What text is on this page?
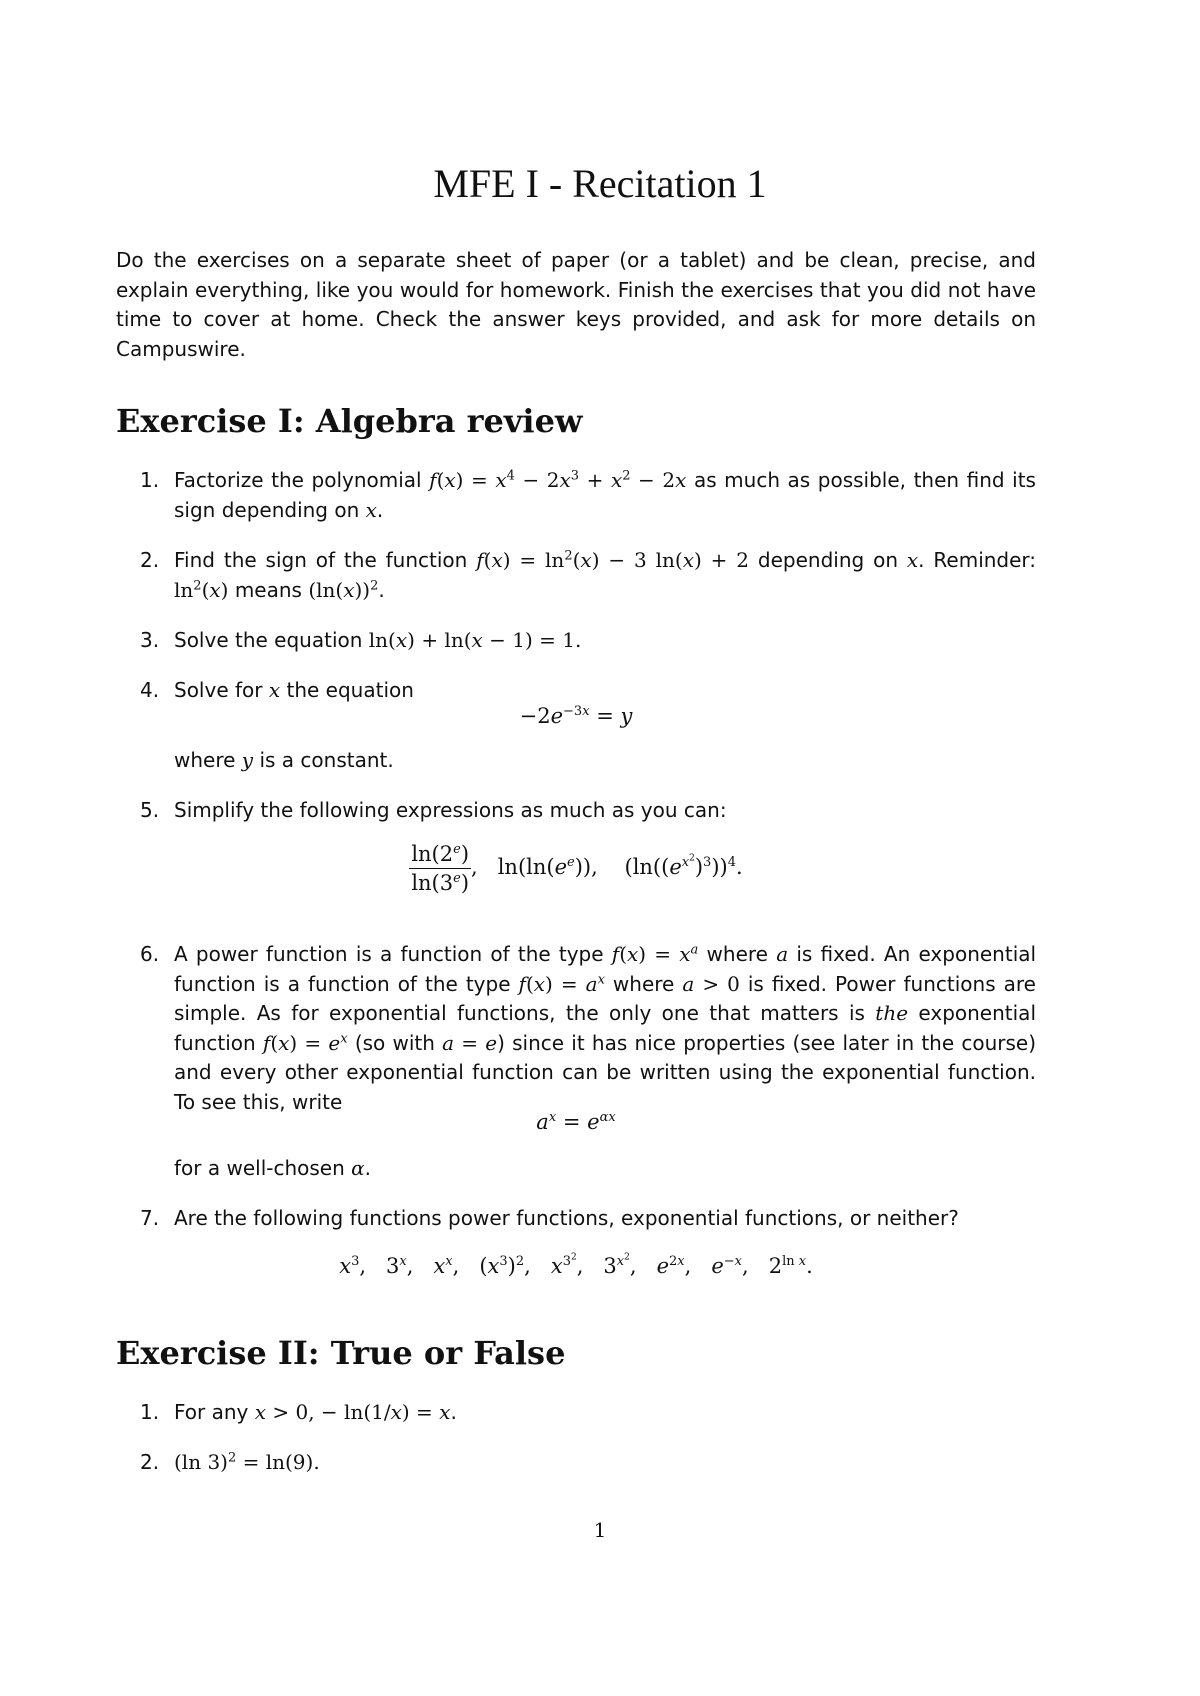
MFE I - Recitation 1

Do the exercises on a separate sheet of paper (or a tablet) and be clean, precise, and explain everything, like you would for homework. Finish the exercises that you did not have time to cover at home. Check the answer keys provided, and ask for more details on Campuswire.

Exercise I: Algebra review
1. Factorize the polynomial $f(x) = x^4 - 2x^3 + x^2 - 2x$ as much as possible, then find its sign depending on x.
2. Find the sign of the function $f(x) = \ln^2(x) - 3$ ln(x) + 2 depending on x. Reminder: $\ln^2(x)$ means $(\ln(x))^2$.
3. Solve the equation ln(x) + ln(x − 1) = 1.
4. Solve for x the equation
$-2e^{-3x} = y$
where y is a constant.
5. Simplify the following expressions as much as you can:
$\frac{\ln(2^e)}{\ln(3^e)}$ ,   $\ln(\ln(e^e))$,    $(\ln((e^{x^2})^3))^4$.
6. A power function is a function of the type $f(x) = x^a$ where a is fixed. An exponential function is a function of the type $f(x) = a^x$ where a > 0 is fixed. Power functions are simple. As for exponential functions, the only one that matters is the exponential function $f(x) = e^x$ (so with a = e) since it has nice properties (see later in the course) and every other exponential function can be written using the exponential function. To see this, write
$a^x = e^{\alpha x}$
for a well-chosen α.
7. Are the following functions power functions, exponential functions, or neither?
$x^3$,   3$^x$,   $x^x$,   $(x^3)^2$,   $x^{3^2}$,   $3^{x^2}$,   $e^{2x}$,   $e^{-x}$,   $2^{ln x}$.
Exercise II: True or False
1. For any x > 0, − ln(1/x) = x.
2. (ln 3)$^2$ = ln(9).
1
